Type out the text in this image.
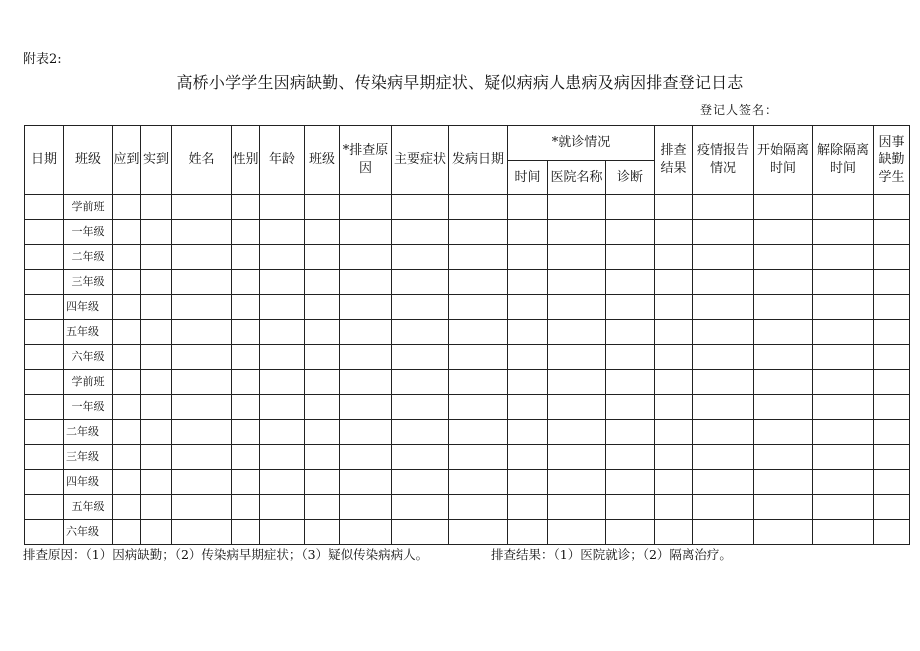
附表2:
高桥小学学生因病缺勤、传染病早期症状、疑似病病人患病及病因排查登记日志
登记人签名：
日期	班级	应到	实到	姓名	性别	年龄	班级	*排查原因	主要症状	发病日期	*就诊情况			排查结果	疫情报告情况	开始隔离时间	解除隔离时间	因事缺勤学生
											时间	医院名称	诊断					
	学前班																	
	一年级																	
	二年级																	
	三年级																	
	四年级																	
	五年级																	
	六年级																	
	学前班																	
	一年级																	
	二年级																	
	三年级																	
	四年级																	
	五年级																	
	六年级																	
排查原因：（1）因病缺勤；（2）传染病早期症状；（3）疑似传染病病人。	排查结果：（1）医院就诊；（2）隔离治疗。
